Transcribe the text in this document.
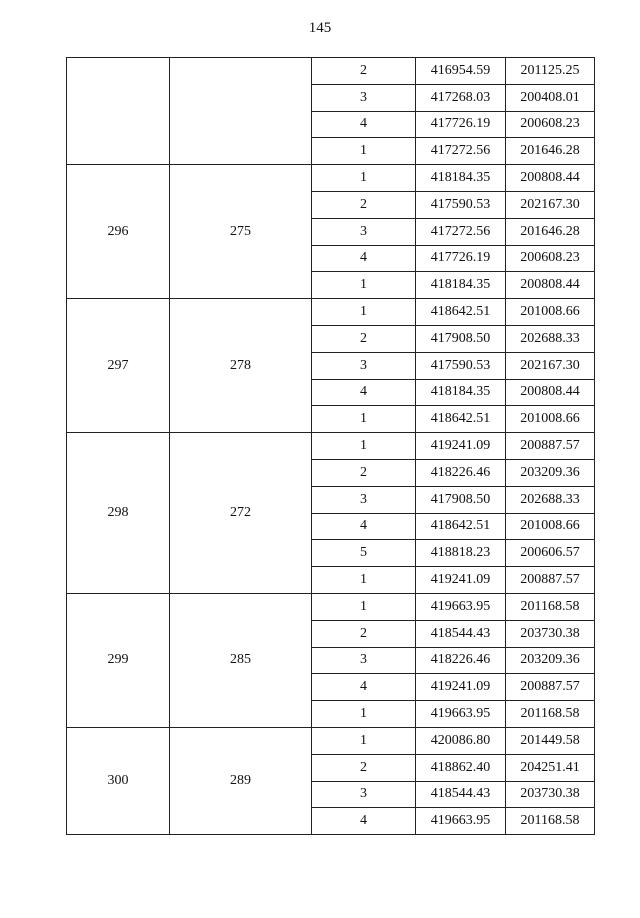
145
		2	416954.59	201125.25
		3	417268.03	200408.01
		4	417726.19	200608.23
		1	417272.56	201646.28
296	275	1	418184.35	200808.44
		2	417590.53	202167.30
		3	417272.56	201646.28
		4	417726.19	200608.23
		1	418184.35	200808.44
297	278	1	418642.51	201008.66
		2	417908.50	202688.33
		3	417590.53	202167.30
		4	418184.35	200808.44
		1	418642.51	201008.66
298	272	1	419241.09	200887.57
		2	418226.46	203209.36
		3	417908.50	202688.33
		4	418642.51	201008.66
		5	418818.23	200606.57
		1	419241.09	200887.57
299	285	1	419663.95	201168.58
		2	418544.43	203730.38
		3	418226.46	203209.36
		4	419241.09	200887.57
		1	419663.95	201168.58
300	289	1	420086.80	201449.58
		2	418862.40	204251.41
		3	418544.43	203730.38
		4	419663.95	201168.58
